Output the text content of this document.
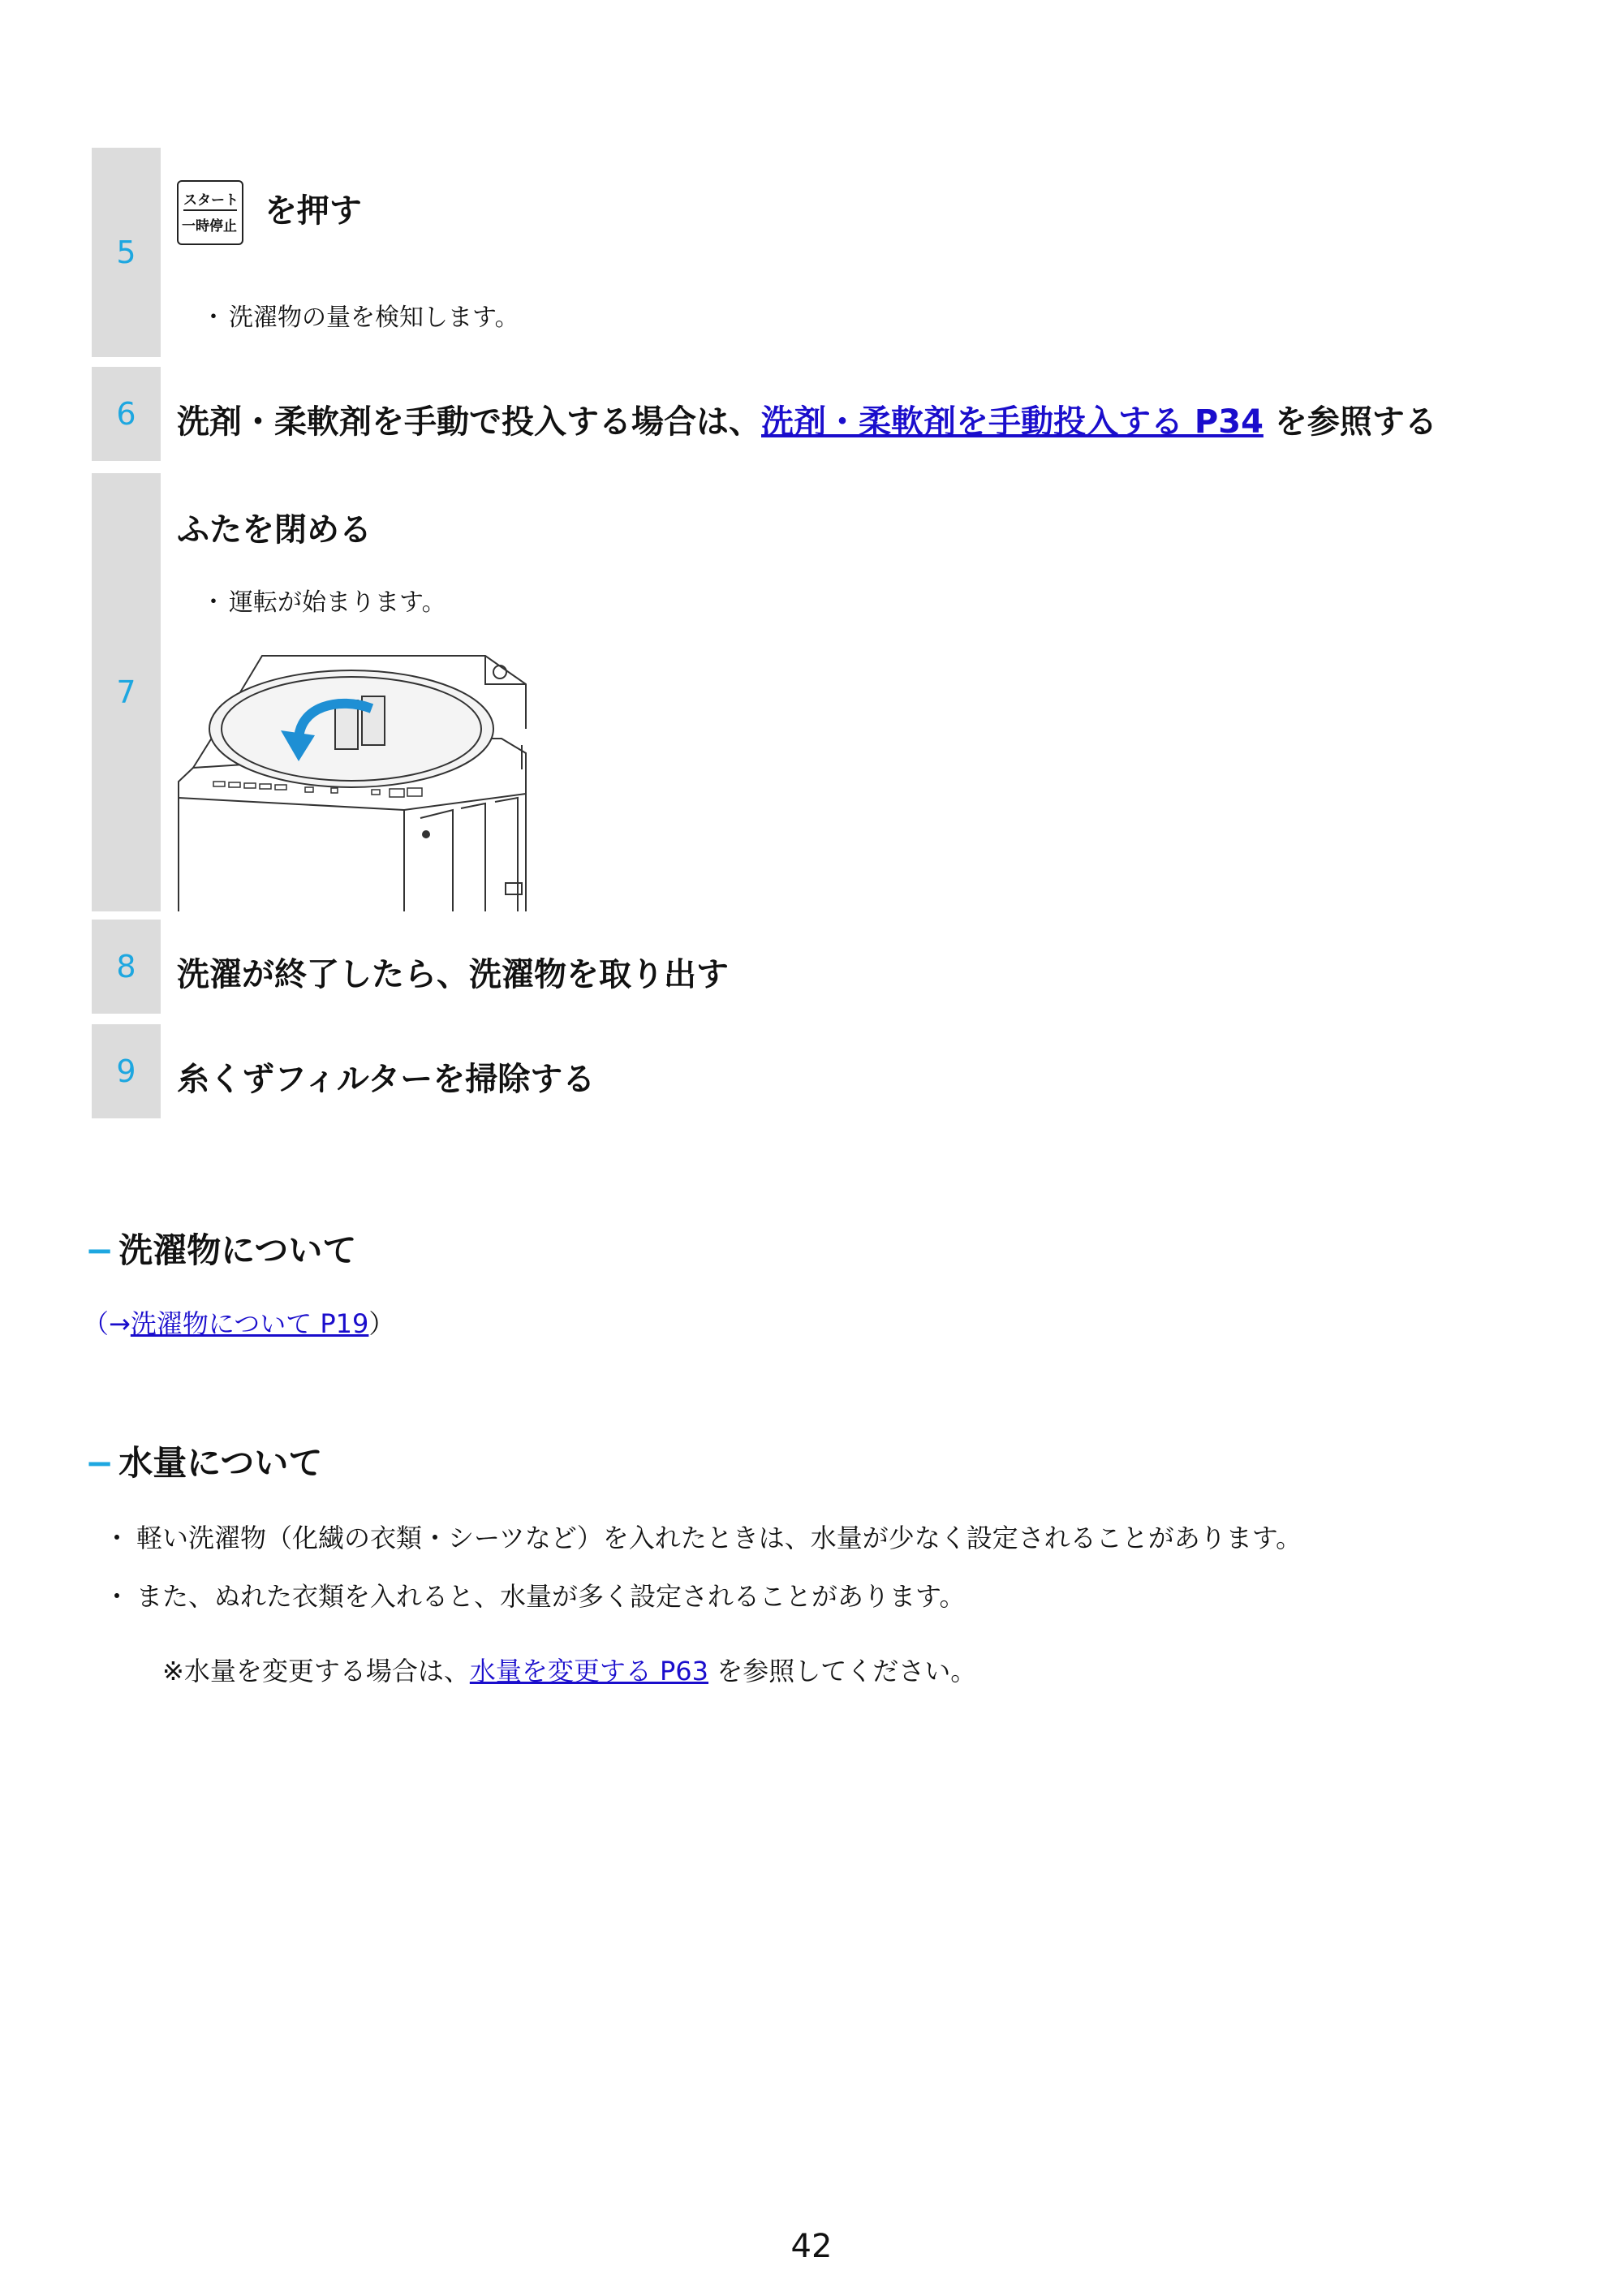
5
スタート
一時停止 を押す
・ 洗濯物の量を検知します。
6	洗剤・柔軟剤を手動で投入する場合は、洗剤・柔軟剤を手動投入する P34 を参照する
7
ふたを閉める
・ 運転が始まります。
8	洗濯が終了したら、洗濯物を取り出す
9	糸くずフィルターを掃除する
− 洗濯物について
（→洗濯物について P19）
− 水量について
・ 軽い洗濯物（化繊の衣類・シーツなど）を入れたときは、水量が少なく設定されることがあります。
・ また、ぬれた衣類を入れると、水量が多く設定されることがあります。
※水量を変更する場合は、水量を変更する P63 を参照してください。
42
